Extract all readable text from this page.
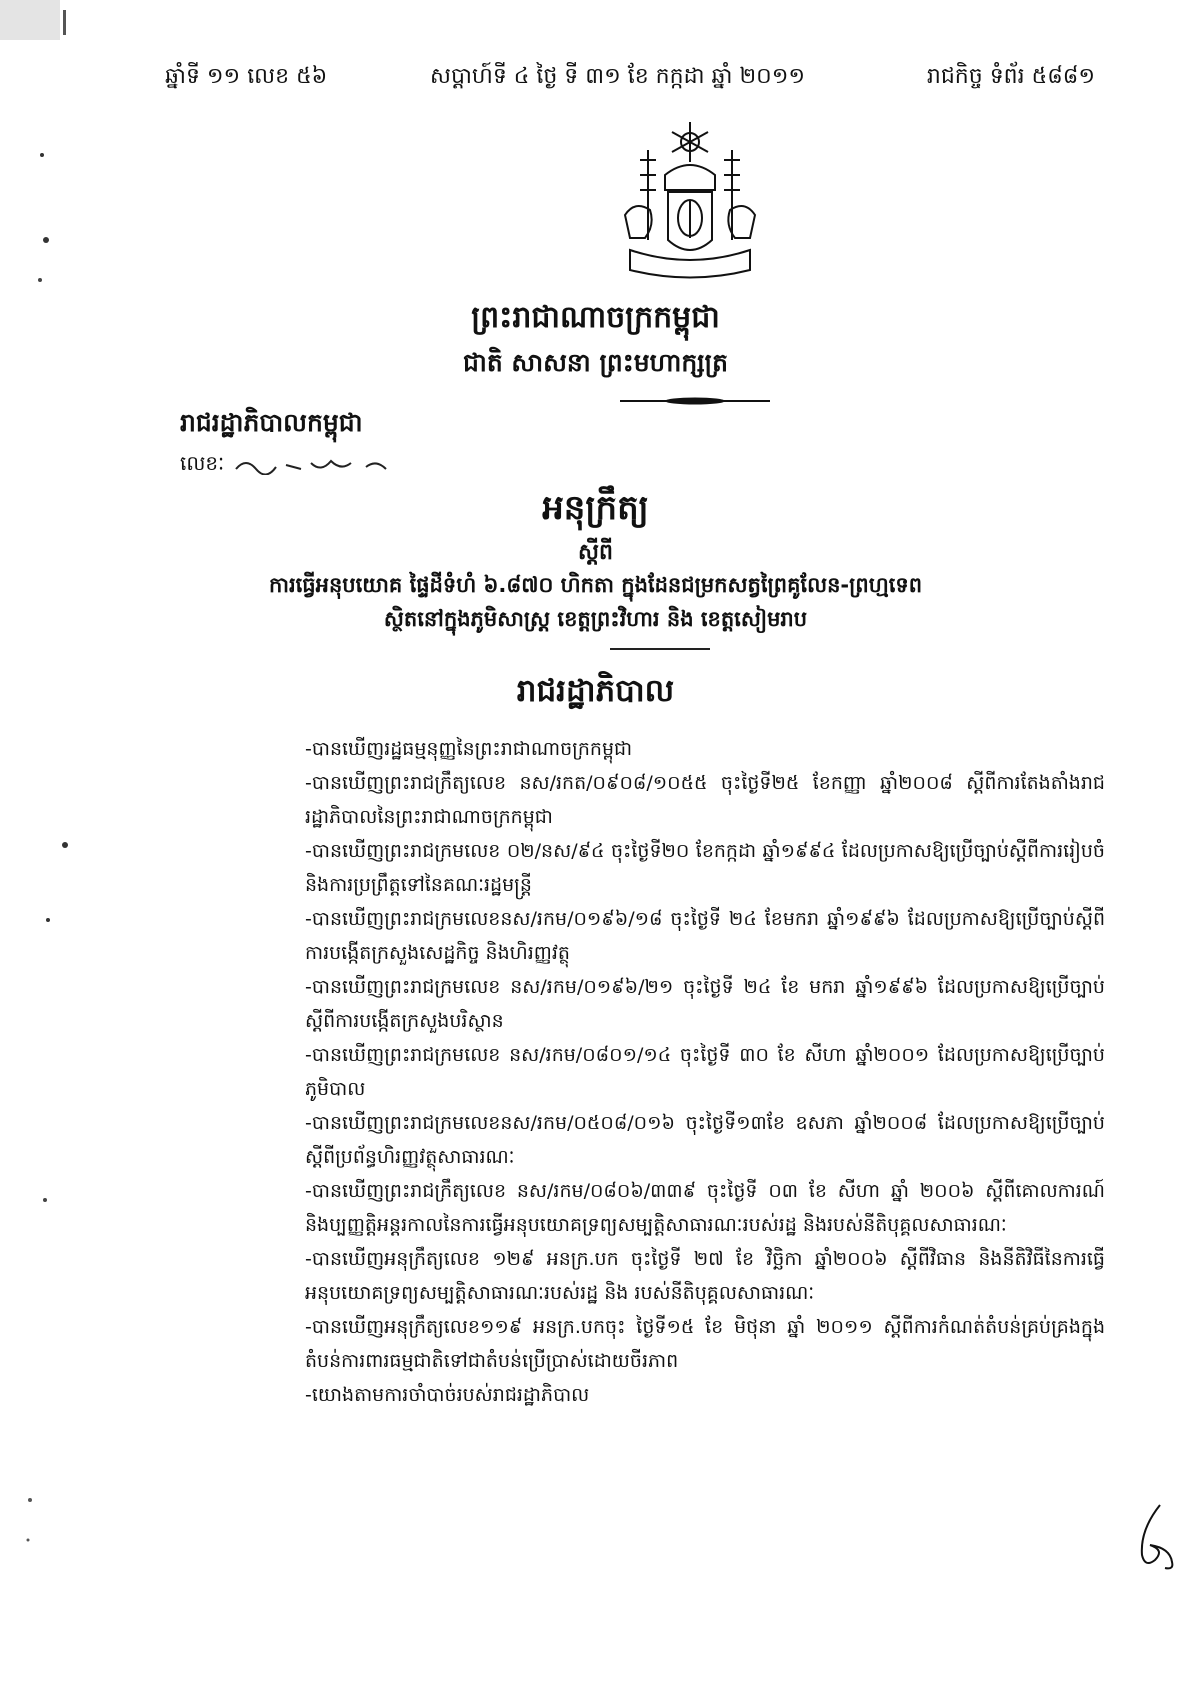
ឆ្នាំទី ១១ លេខ ៥៦	សប្តាហ៍ទី ៤ ថ្ងៃ ទី ៣១ ខែ កក្កដា ឆ្នាំ ២០១១	រាជកិច្ច ទំព័រ ៥៨៨១
ព្រះរាជាណាចក្រកម្ពុជា
ជាតិ សាសនា ព្រះមហាក្សត្រ
រាជរដ្ឋាភិបាលកម្ពុជា
លេខៈ
អនុក្រឹត្យ
ស្តីពី
ការធ្វើអនុបយោគ ផ្ទៃដីទំហំ ៦.៨៧០ ហិកតា ក្នុងដែនជម្រកសត្វព្រៃគូលែន-ព្រហ្មទេព
ស្ថិតនៅក្នុងភូមិសាស្ត្រ ខេត្តព្រះវិហារ និង ខេត្តសៀមរាប
រាជរដ្ឋាភិបាល

-បានឃើញរដ្ឋធម្មនុញ្ញនៃព្រះរាជាណាចក្រកម្ពុជា

-បានឃើញព្រះរាជក្រឹត្យលេខ នស/រកត/០៩០៨/១០៥៥ ចុះថ្ងៃទី២៥ ខែកញ្ញា ឆ្នាំ២០០៨ ស្តីពីការតែងតាំងរាជរដ្ឋាភិបាលនៃព្រះរាជាណាចក្រកម្ពុជា

-បានឃើញព្រះរាជក្រមលេខ ០២/នស/៩៤ ចុះថ្ងៃទី២០ ខែកក្កដា ឆ្នាំ១៩៩៤ ដែលប្រកាសឱ្យប្រើច្បាប់ស្តីពីការរៀបចំ និងការប្រព្រឹត្តទៅនៃគណៈរដ្ឋមន្ត្រី

-បានឃើញព្រះរាជក្រមលេខនស/រកម/០១៩៦/១៨ ចុះថ្ងៃទី ២៤ ខែមករា ឆ្នាំ១៩៩៦ ដែលប្រកាសឱ្យប្រើច្បាប់ស្តីពីការបង្កើតក្រសួងសេដ្ឋកិច្ច និងហិរញ្ញវត្ថុ

-បានឃើញព្រះរាជក្រមលេខ នស/រកម/០១៩៦/២១ ចុះថ្ងៃទី ២៤ ខែ មករា ឆ្នាំ១៩៩៦ ដែលប្រកាសឱ្យប្រើច្បាប់ ស្តីពីការបង្កើតក្រសួងបរិស្ថាន

-បានឃើញព្រះរាជក្រមលេខ នស/រកម/០៨០១/១៤ ចុះថ្ងៃទី ៣០ ខែ សីហា ឆ្នាំ២០០១ ដែលប្រកាសឱ្យប្រើច្បាប់ភូមិបាល

-បានឃើញព្រះរាជក្រមលេខនស/រកម/០៥០៨/០១៦ ចុះថ្ងៃទី១៣ខែ ឧសភា ឆ្នាំ២០០៨ ដែលប្រកាសឱ្យប្រើច្បាប់ស្តីពីប្រព័ន្ធហិរញ្ញវត្ថុសាធារណៈ

-បានឃើញព្រះរាជក្រឹត្យលេខ នស/រកម/០៨០៦/៣៣៩ ចុះថ្ងៃទី ០៣ ខែ សីហា ឆ្នាំ ២០០៦ ស្តីពីគោលការណ៍ និងប្បញ្ញត្តិអន្តរកាលនៃការធ្វើអនុបយោគទ្រព្យសម្បត្តិសាធារណៈរបស់រដ្ឋ និងរបស់នីតិបុគ្គលសាធារណៈ

-បានឃើញអនុក្រឹត្យលេខ ១២៩ អនក្រ.បក ចុះថ្ងៃទី ២៧ ខែ វិច្ឆិកា ឆ្នាំ២០០៦ ស្តីពីវិធាន និងនីតិវិធីនៃការធ្វើអនុបយោគទ្រព្យសម្បត្តិសាធារណៈរបស់រដ្ឋ និង របស់នីតិបុគ្គលសាធារណៈ

-បានឃើញអនុក្រឹត្យលេខ១១៩ អនក្រ.បកចុះ ថ្ងៃទី១៥ ខែ មិថុនា ឆ្នាំ ២០១១ ស្តីពីការកំណត់តំបន់គ្រប់គ្រងក្នុងតំបន់ការពារធម្មជាតិទៅជាតំបន់ប្រើប្រាស់ដោយចីរភាព

-យោងតាមការចាំបាច់របស់រាជរដ្ឋាភិបាល
